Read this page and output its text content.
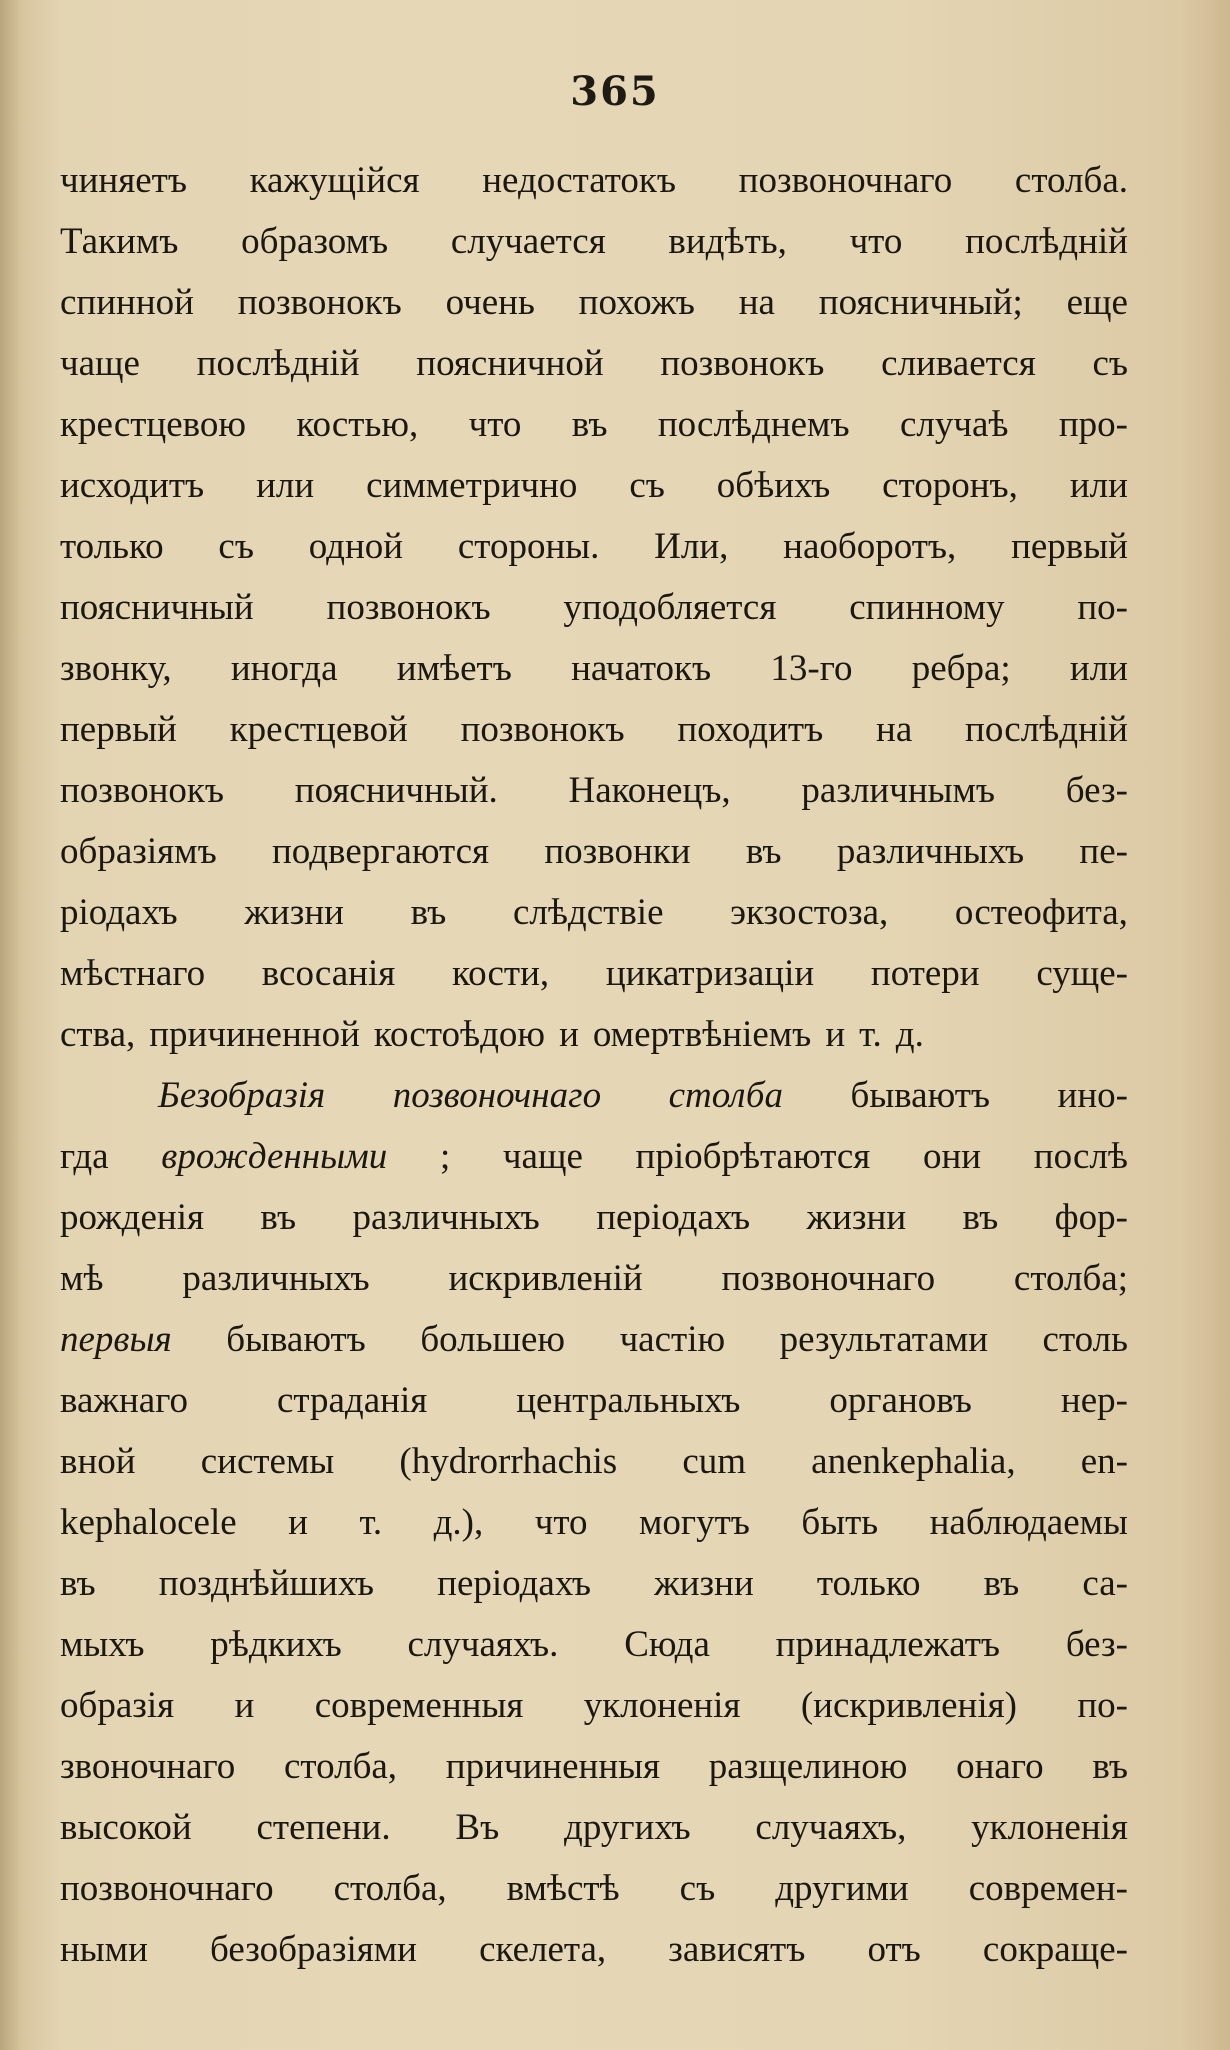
365
чиняетъ кажущійся недостатокъ позвоночнаго столба.
Такимъ образомъ случается видѣть, что послѣдній
спинной позвонокъ очень похожъ на поясничный; еще
чаще послѣдній поясничной позвонокъ сливается съ
крестцевою костью, что въ послѣднемъ случаѣ про-
исходитъ или симметрично съ обѣихъ сторонъ, или
только съ одной стороны. Или, наоборотъ, первый
поясничный позвонокъ уподобляется спинному по-
звонку, иногда имѣетъ начатокъ 13-го ребра; или
первый крестцевой позвонокъ походитъ на послѣдній
позвонокъ поясничный. Наконецъ, различнымъ без-
образіямъ подвергаются позвонки въ различныхъ пе-
ріодахъ жизни въ слѣдствіе экзостоза, остеофита,
мѣстнаго всосанія кости, цикатризаціи потери суще-
ства, причиненной костоѣдою и омертвѣніемъ и т. д.
Безобразія позвоночнаго столба бываютъ ино-
гда врожденными ; чаще пріобрѣтаются они послѣ
рожденія въ различныхъ періодахъ жизни въ фор-
мѣ различныхъ искривленій позвоночнаго столба;
первыя бываютъ большею частію результатами столь
важнаго страданія центральныхъ органовъ нер-
вной системы (hydrorrhachis cum anenkephalia, en-
kephalocele и т. д.), что могутъ быть наблюдаемы
въ позднѣйшихъ періодахъ жизни только въ са-
мыхъ рѣдкихъ случаяхъ. Сюда принадлежатъ без-
образія и современныя уклоненія (искривленія) по-
звоночнаго столба, причиненныя разщелиною онаго въ
высокой степени. Въ другихъ случаяхъ, уклоненія
позвоночнаго столба, вмѣстѣ съ другими современ-
ными безобразіями скелета, зависятъ отъ сокраще-
